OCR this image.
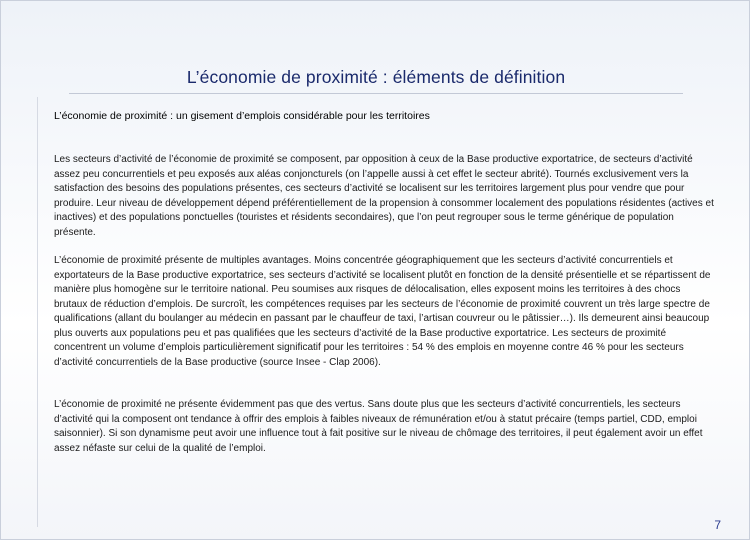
L’économie de proximité : éléments de définition
L’économie de proximité : un gisement d’emplois considérable pour les territoires

Les secteurs d’activité de l’économie de proximité se composent, par opposition à ceux de la Base productive exportatrice, de secteurs d’activité assez peu concurrentiels et peu exposés aux aléas conjoncturels (on l’appelle aussi à cet effet le secteur abrité). Tournés exclusivement vers la satisfaction des besoins des populations présentes, ces secteurs d’activité se localisent sur les territoires largement plus pour vendre que pour produire. Leur niveau de développement dépend préférentiellement de la propension à consommer localement des populations résidentes (actives et inactives) et des populations ponctuelles (touristes et résidents secondaires), que l’on peut regrouper sous le terme générique de population présente.

L’économie de proximité présente de multiples avantages. Moins concentrée géographiquement que les secteurs d’activité concurrentiels et exportateurs de la Base productive exportatrice, ses secteurs d’activité se localisent plutôt en fonction de la densité présentielle et se répartissent de manière plus homogène sur le territoire national. Peu soumises aux risques de délocalisation, elles exposent moins les territoires à des chocs brutaux de réduction d’emplois. De surcroît, les compétences requises par les secteurs de l’économie de proximité couvrent un très large spectre de qualifications (allant du boulanger au médecin en passant par le chauffeur de taxi, l’artisan couvreur ou le pâtissier…). Ils demeurent ainsi beaucoup plus ouverts aux populations peu et pas qualifiées que les secteurs d’activité de la Base productive exportatrice. Les secteurs de proximité concentrent un volume d’emplois particulièrement significatif pour les territoires : 54 % des emplois en moyenne contre 46 % pour les secteurs d’activité concurrentiels de la Base productive (source Insee - Clap 2006).

L’économie de proximité ne présente évidemment pas que des vertus. Sans doute plus que les secteurs d’activité concurrentiels, les secteurs d’activité qui la composent ont tendance à offrir des emplois à faibles niveaux de rémunération et/ou à statut précaire (temps partiel, CDD, emploi saisonnier). Si son dynamisme peut avoir une influence tout à fait positive sur le niveau de chômage des territoires, il peut également avoir un effet assez néfaste sur celui de la qualité de l’emploi.

7
